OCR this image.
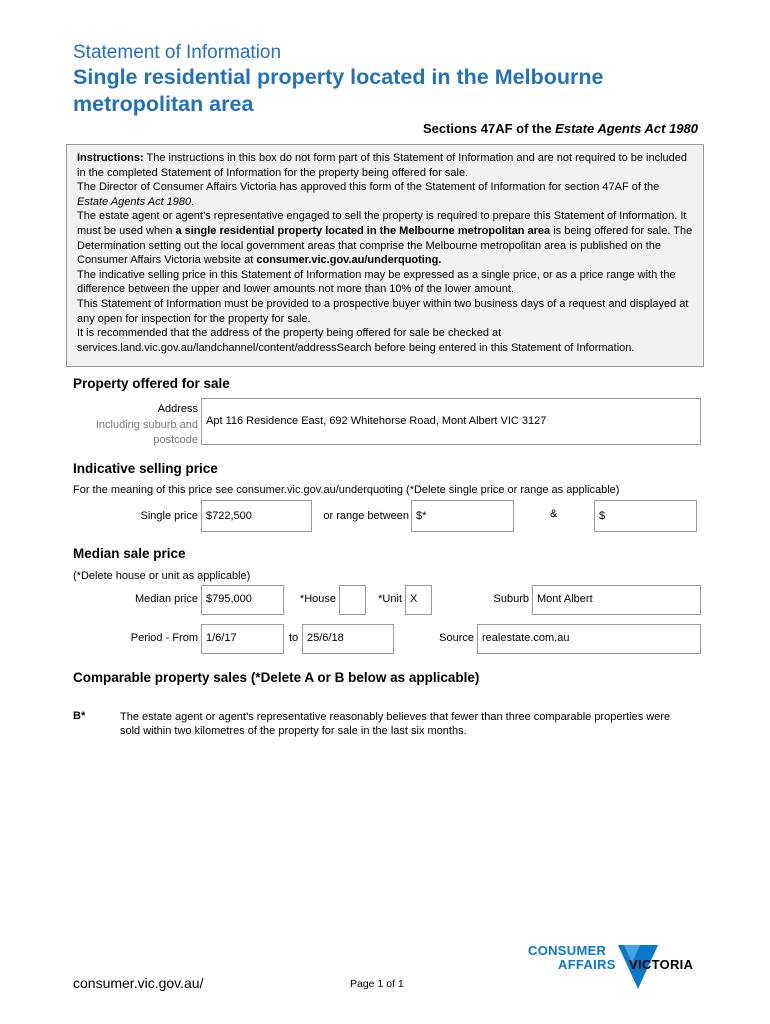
Statement of Information
Single residential property located in the Melbourne metropolitan area
Sections 47AF of the Estate Agents Act 1980

Instructions: The instructions in this box do not form part of this Statement of Information and are not required to be included in the completed Statement of Information for the property being offered for sale.

The Director of Consumer Affairs Victoria has approved this form of the Statement of Information for section 47AF of the Estate Agents Act 1980.

The estate agent or agent’s representative engaged to sell the property is required to prepare this Statement of Information. It must be used when a single residential property located in the Melbourne metropolitan area is being offered for sale. The Determination setting out the local government areas that comprise the Melbourne metropolitan area is published on the Consumer Affairs Victoria website at consumer.vic.gov.au/underquoting.

The indicative selling price in this Statement of Information may be expressed as a single price, or as a price range with the difference between the upper and lower amounts not more than 10% of the lower amount.

This Statement of Information must be provided to a prospective buyer within two business days of a request and displayed at any open for inspection for the property for sale.

It is recommended that the address of the property being offered for sale be checked at services.land.vic.gov.au/landchannel/content/addressSearch before being entered in this Statement of Information.

Property offered for sale
Address
Including suburb and
postcode
Apt 116 Residence East, 692 Whitehorse Road, Mont Albert VIC 3127
Indicative selling price
For the meaning of this price see consumer.vic.gov.au/underquoting (*Delete single price or range as applicable)
Single price $722,500	or range between $*	&	$
Median sale price
(*Delete house or unit as applicable)
Median price $795,000	*House	*Unit X	Suburb Mont Albert
Period - From 1/6/17	to 25/6/18	Source realestate.com.au
Comparable property sales (*Delete A or B below as applicable)
B*	The estate agent or agent’s representative reasonably believes that fewer than three comparable properties were sold within two kilometres of the property for sale in the last six months.
consumer.vic.gov.au/	Page 1 of 1
CONSUMER
AFFAIRS VICTORIA
